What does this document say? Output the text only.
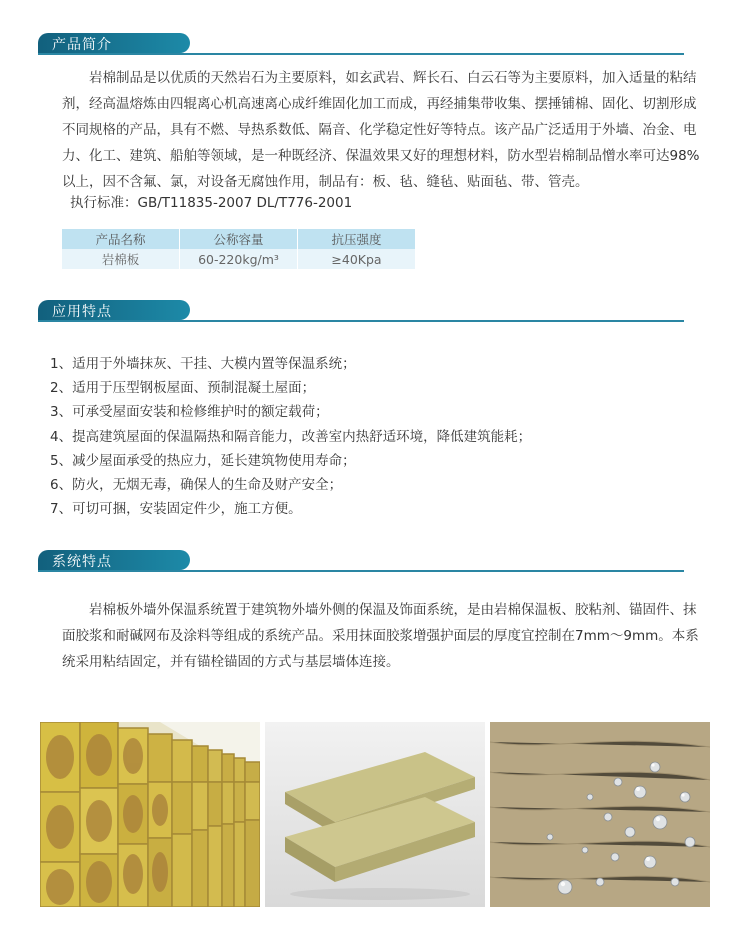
产品简介

岩棉制品是以优质的天然岩石为主要原料，如玄武岩、辉长石、白云石等为主要原料，加入适量的粘结剂，经高温熔炼由四辊离心机高速离心成纤维固化加工而成，再经捕集带收集、摆捶铺棉、固化、切割形成不同规格的产品，具有不燃、导热系数低、隔音、化学稳定性好等特点。该产品广泛适用于外墙、冶金、电力、化工、建筑、船舶等领域，是一种既经济、保温效果又好的理想材料，防水型岩棉制品憎水率可达98%以上，因不含氟、氯，对设备无腐蚀作用，制品有：板、毡、缝毡、贴面毡、带、管壳。

执行标准：GB/T11835-2007 DL/T776-2001
产品名称	公称容量	抗压强度
岩棉板	60-220kg/m³	≥40Kpa
应用特点
1、适用于外墙抹灰、干挂、大模内置等保温系统；
2、适用于压型钢板屋面、预制混凝土屋面；
3、可承受屋面安装和检修维护时的额定载荷；
4、提高建筑屋面的保温隔热和隔音能力，改善室内热舒适环境，降低建筑能耗；
5、减少屋面承受的热应力，延长建筑物使用寿命；
6、防火，无烟无毒，确保人的生命及财产安全；
7、可切可捆，安装固定件少，施工方便。
系统特点

岩棉板外墙外保温系统置于建筑物外墙外侧的保温及饰面系统，是由岩棉保温板、胶粘剂、锚固件、抹面胶浆和耐碱网布及涂料等组成的系统产品。采用抹面胶浆增强护面层的厚度宜控制在7mm～9mm。本系统采用粘结固定，并有锚栓锚固的方式与基层墙体连接。
